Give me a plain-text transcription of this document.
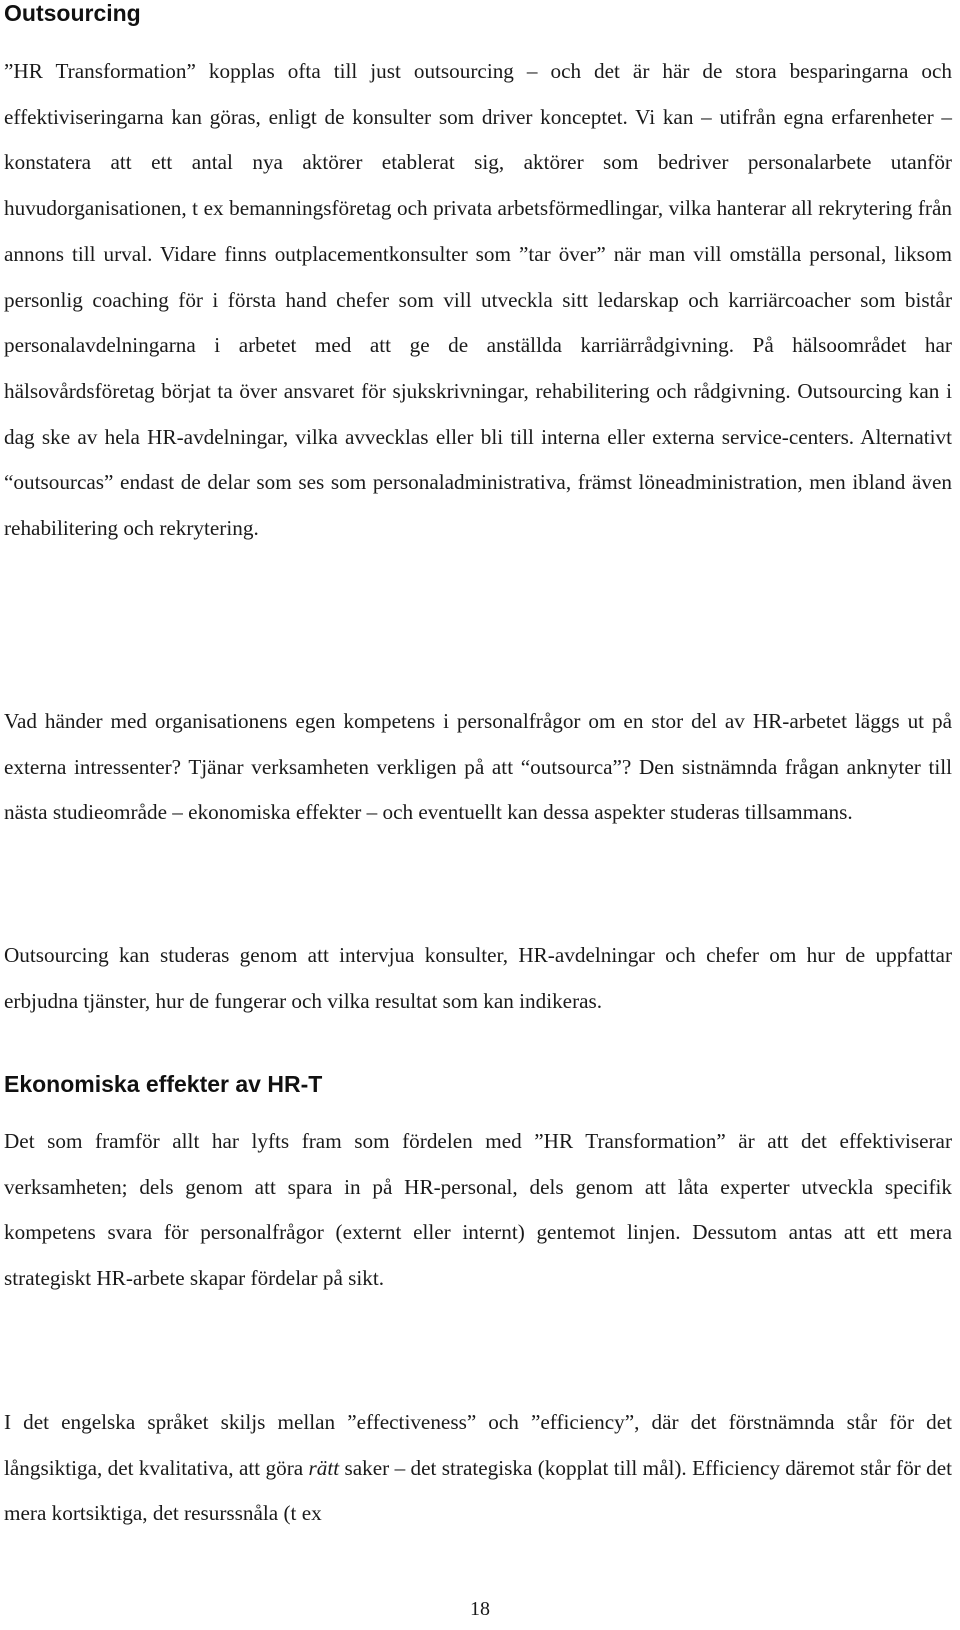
Outsourcing

”HR Transformation” kopplas ofta till just outsourcing – och det är här de stora besparingarna och effektiviseringarna kan göras, enligt de konsulter som driver konceptet. Vi kan – utifrån egna erfarenheter – konstatera att ett antal nya aktörer etablerat sig, aktörer som bedriver personalarbete utanför huvudorganisationen, t ex bemanningsföretag och privata arbetsförmedlingar, vilka hanterar all rekrytering från annons till urval. Vidare finns outplacementkonsulter som ”tar över” när man vill omställa personal, liksom personlig coaching för i första hand chefer som vill utveckla sitt ledarskap och karriärcoacher som bistår personalavdelningarna i arbetet med att ge de anställda karriärrådgivning. På hälsoområdet har hälsovårdsföretag börjat ta över ansvaret för sjukskrivningar, rehabilitering och rådgivning. Outsourcing kan i dag ske av hela HR-avdelningar, vilka avvecklas eller bli till interna eller externa service-centers. Alternativt “outsourcas” endast de delar som ses som personaladministrativa, främst löneadministration, men ibland även rehabilitering och rekrytering.

Vad händer med organisationens egen kompetens i personalfrågor om en stor del av HR-arbetet läggs ut på externa intressenter? Tjänar verksamheten verkligen på att “outsourca”? Den sistnämnda frågan anknyter till nästa studieområde – ekonomiska effekter – och eventuellt kan dessa aspekter studeras tillsammans.

Outsourcing kan studeras genom att intervjua konsulter, HR-avdelningar och chefer om hur de uppfattar erbjudna tjänster, hur de fungerar och vilka resultat som kan indikeras.

Ekonomiska effekter av HR-T

Det som framför allt har lyfts fram som fördelen med ”HR Transformation” är att det effektiviserar verksamheten; dels genom att spara in på HR-personal, dels genom att låta experter utveckla specifik kompetens svara för personalfrågor (externt eller internt) gentemot linjen. Dessutom antas att ett mera strategiskt HR-arbete skapar fördelar på sikt.

I det engelska språket skiljs mellan ”effectiveness” och ”efficiency”, där det förstnämnda står för det långsiktiga, det kvalitativa, att göra rätt saker – det strategiska (kopplat till mål). Efficiency däremot står för det mera kortsiktiga, det resurssnåla (t ex

18
